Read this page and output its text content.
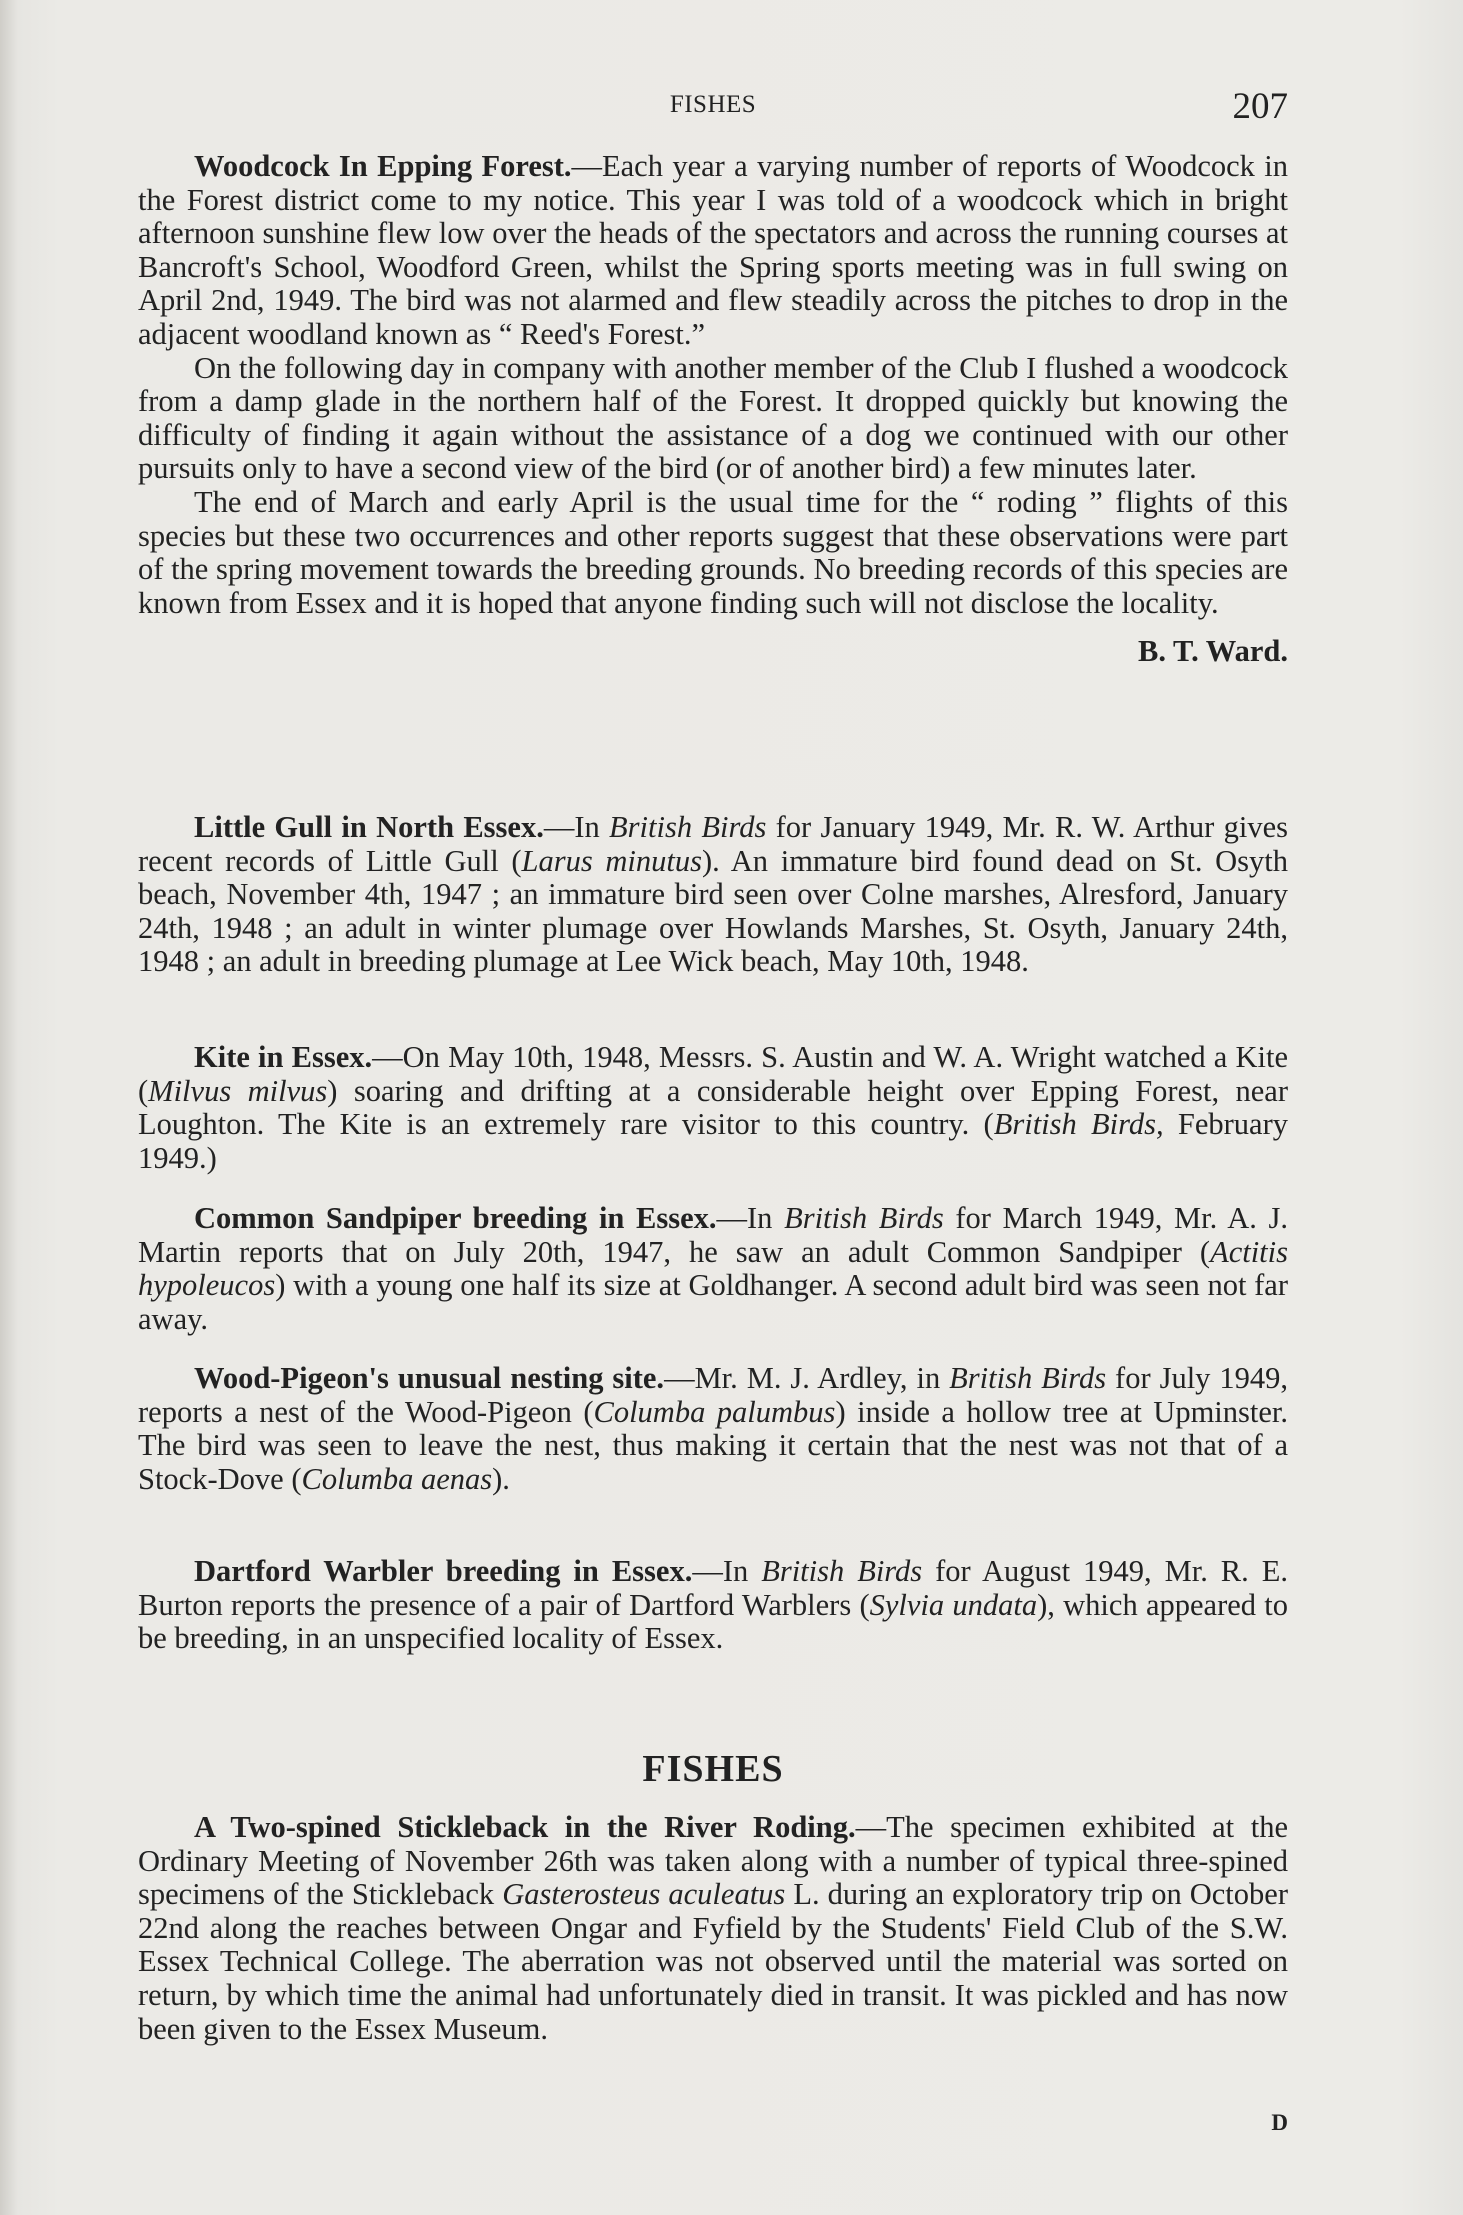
FISHES	207

Woodcock In Epping Forest.—Each year a varying number of reports of Woodcock in the Forest district come to my notice. This year I was told of a woodcock which in bright afternoon sunshine flew low over the heads of the spectators and across the running courses at Bancroft's School, Woodford Green, whilst the Spring sports meeting was in full swing on April 2nd, 1949. The bird was not alarmed and flew steadily across the pitches to drop in the adjacent woodland known as “ Reed's Forest.”

On the following day in company with another member of the Club I flushed a woodcock from a damp glade in the northern half of the Forest. It dropped quickly but knowing the difficulty of finding it again without the assistance of a dog we continued with our other pursuits only to have a second view of the bird (or of another bird) a few minutes later.

The end of March and early April is the usual time for the “ roding ” flights of this species but these two occurrences and other reports suggest that these observations were part of the spring movement towards the breeding grounds. No breeding records of this species are known from Essex and it is hoped that anyone finding such will not disclose the locality.

B. T. Ward.

Little Gull in North Essex.—In British Birds for January 1949, Mr. R. W. Arthur gives recent records of Little Gull (Larus minutus). An immature bird found dead on St. Osyth beach, November 4th, 1947 ; an immature bird seen over Colne marshes, Alresford, January 24th, 1948 ; an adult in winter plumage over Howlands Marshes, St. Osyth, January 24th, 1948 ; an adult in breeding plumage at Lee Wick beach, May 10th, 1948.

Kite in Essex.—On May 10th, 1948, Messrs. S. Austin and W. A. Wright watched a Kite (Milvus milvus) soaring and drifting at a considerable height over Epping Forest, near Loughton. The Kite is an extremely rare visitor to this country. (British Birds, February 1949.)

Common Sandpiper breeding in Essex.—In British Birds for March 1949, Mr. A. J. Martin reports that on July 20th, 1947, he saw an adult Common Sandpiper (Actitis hypoleucos) with a young one half its size at Goldhanger. A second adult bird was seen not far away.

Wood-Pigeon's unusual nesting site.—Mr. M. J. Ardley, in British Birds for July 1949, reports a nest of the Wood-Pigeon (Columba palumbus) inside a hollow tree at Upminster. The bird was seen to leave the nest, thus making it certain that the nest was not that of a Stock-Dove (Columba aenas).

Dartford Warbler breeding in Essex.—In British Birds for August 1949, Mr. R. E. Burton reports the presence of a pair of Dartford Warblers (Sylvia undata), which appeared to be breeding, in an unspecified locality of Essex.

FISHES

A Two-spined Stickleback in the River Roding.—The specimen exhibited at the Ordinary Meeting of November 26th was taken along with a number of typical three-spined specimens of the Stickleback Gasterosteus aculeatus L. during an exploratory trip on October 22nd along the reaches between Ongar and Fyfield by the Students' Field Club of the S.W. Essex Technical College. The aberration was not observed until the material was sorted on return, by which time the animal had unfortunately died in transit. It was pickled and has now been given to the Essex Museum.

D
